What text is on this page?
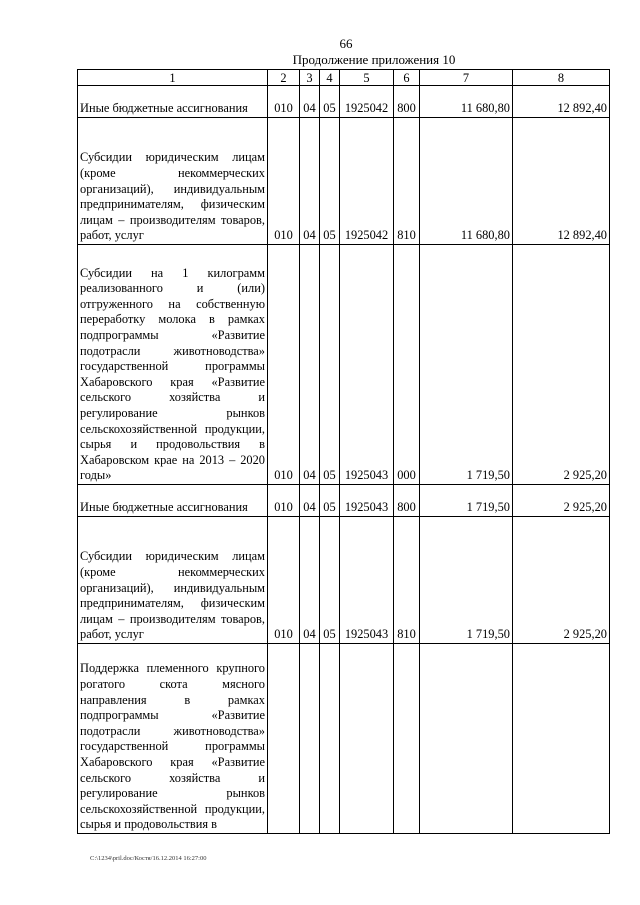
66
Продолжение приложения 10
1	2	3	4	5	6	7	8
Иные бюджетные ассигнования	010	04	05	1925042	800	11 680,80	12 892,40
Субсидии юридическим лицам (кроме некоммерческих организаций), индивидуальным предпринимателям, физическим лицам – производителям товаров, работ, услуг	010	04	05	1925042	810	11 680,80	12 892,40
Субсидии на 1 килограмм реализованного и (или) отгруженного на собственную переработку молока в рамках подпрограммы «Развитие подотрасли животноводства» государственной программы Хабаровского края «Развитие сельского хозяйства и регулирование рынков сельскохозяйственной продукции, сырья и продовольствия в Хабаровском крае на 2013 – 2020 годы»	010	04	05	1925043	000	1 719,50	2 925,20
Иные бюджетные ассигнования	010	04	05	1925043	800	1 719,50	2 925,20
Субсидии юридическим лицам (кроме некоммерческих организаций), индивидуальным предпринимателям, физическим лицам – производителям товаров, работ, услуг	010	04	05	1925043	810	1 719,50	2 925,20
Поддержка племенного крупного рогатого скота мясного направления в рамках подпрограммы «Развитие подотрасли животноводства» государственной программы Хабаровского края «Развитие сельского хозяйства и регулирование рынков сельскохозяйственной продукции, сырья и продовольствия в							
C:\1234\pril.doc/Костя/16.12.2014 16:27:00
